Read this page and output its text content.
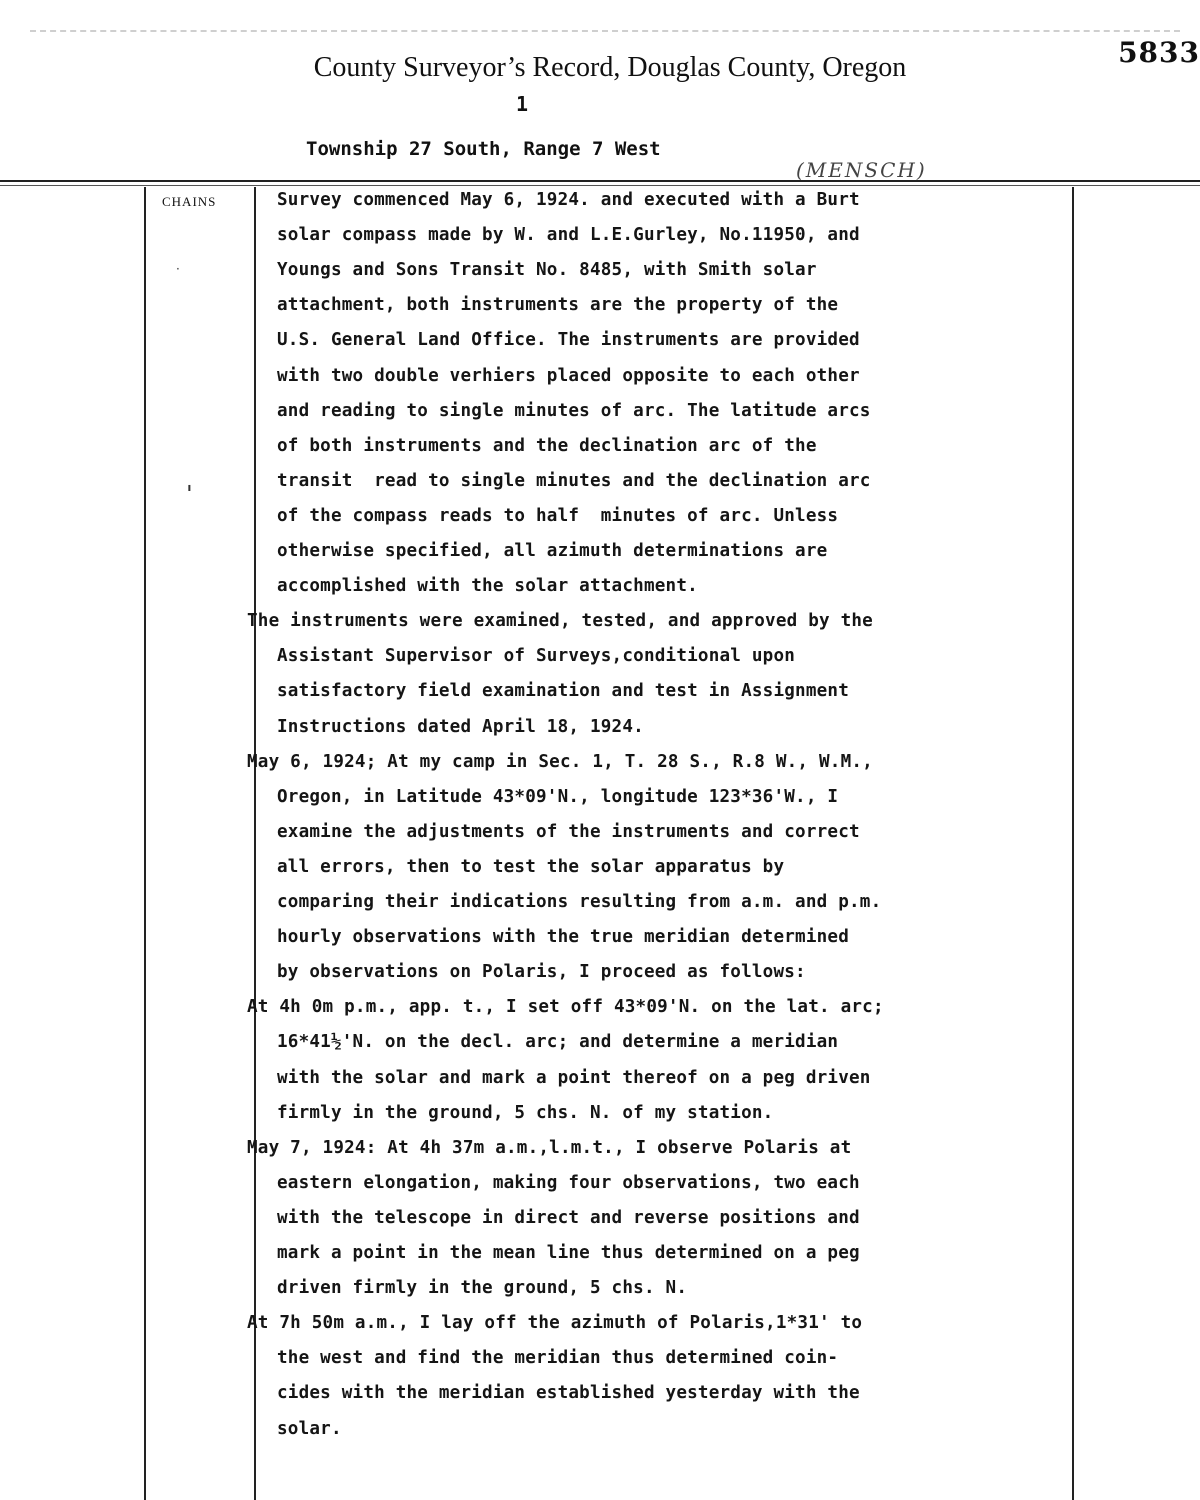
5833
County Surveyor’s Record, Douglas County, Oregon
1
Township 27 South, Range 7 West
(MENSCH)
CHAINS
·
ˌ
Survey commenced May 6, 1924. and executed with a Burt
solar compass made by W. and L.E.Gurley, No.11950, and
Youngs and Sons Transit No. 8485, with Smith solar
attachment, both instruments are the property of the
U.S. General Land Office. The instruments are provided
with two double verhiers placed opposite to each other
and reading to single minutes of arc. The latitude arcs
of both instruments and the declination arc of the
transit  read to single minutes and the declination arc
of the compass reads to half  minutes of arc. Unless
otherwise specified, all azimuth determinations are
accomplished with the solar attachment.
The instruments were examined, tested, and approved by the
Assistant Supervisor of Surveys,conditional upon
satisfactory field examination and test in Assignment
Instructions dated April 18, 1924.
May 6, 1924; At my camp in Sec. 1, T. 28 S., R.8 W., W.M.,
Oregon, in Latitude 43*09'N., longitude 123*36'W., I
examine the adjustments of the instruments and correct
all errors, then to test the solar apparatus by
comparing their indications resulting from a.m. and p.m.
hourly observations with the true meridian determined
by observations on Polaris, I proceed as follows:
At 4h 0m p.m., app. t., I set off 43*09'N. on the lat. arc;
16*41½'N. on the decl. arc; and determine a meridian
with the solar and mark a point thereof on a peg driven
firmly in the ground, 5 chs. N. of my station.
May 7, 1924: At 4h 37m a.m.,l.m.t., I observe Polaris at
eastern elongation, making four observations, two each
with the telescope in direct and reverse positions and
mark a point in the mean line thus determined on a peg
driven firmly in the ground, 5 chs. N.
At 7h 50m a.m., I lay off the azimuth of Polaris,1*31' to
the west and find the meridian thus determined coin-
cides with the meridian established yesterday with the
solar.
